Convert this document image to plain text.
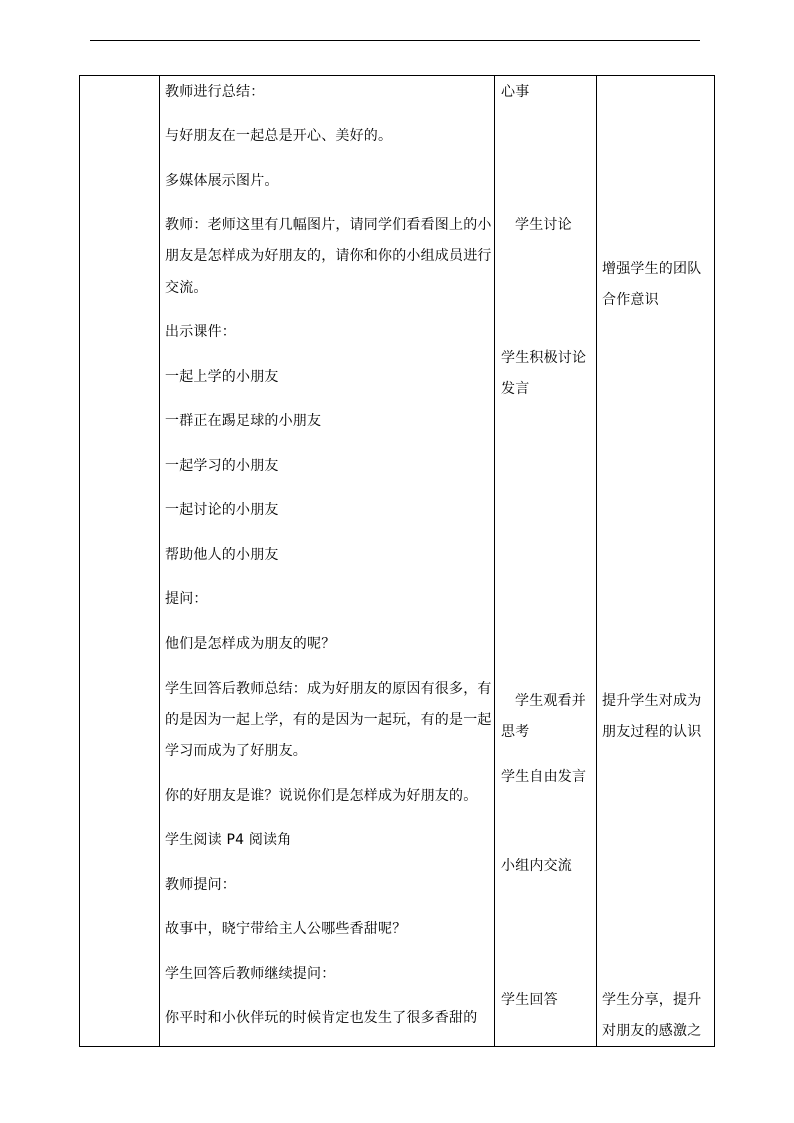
教师进行总结：
与好朋友在一起总是开心、美好的。
多媒体展示图片。
教师：老师这里有几幅图片，请同学们看看图上的小
朋友是怎样成为好朋友的，请你和你的小组成员进行
交流。
出示课件：
一起上学的小朋友
一群正在踢足球的小朋友
一起学习的小朋友
一起讨论的小朋友
帮助他人的小朋友
提问：
他们是怎样成为朋友的呢？
学生回答后教师总结：成为好朋友的原因有很多，有
的是因为一起上学，有的是因为一起玩，有的是一起
学习而成为了好朋友。
你的好朋友是谁？说说你们是怎样成为好朋友的。
学生阅读 P4 阅读角
教师提问：
故事中，晓宁带给主人公哪些香甜呢？
学生回答后教师继续提问：
你平时和小伙伴玩的时候肯定也发生了很多香甜的
心事
学生讨论
学生积极讨论
发言
学生观看并
思考
学生自由发言
小组内交流
学生回答
增强学生的团队
合作意识
提升学生对成为
朋友过程的认识
学生分享，提升
对朋友的感激之
